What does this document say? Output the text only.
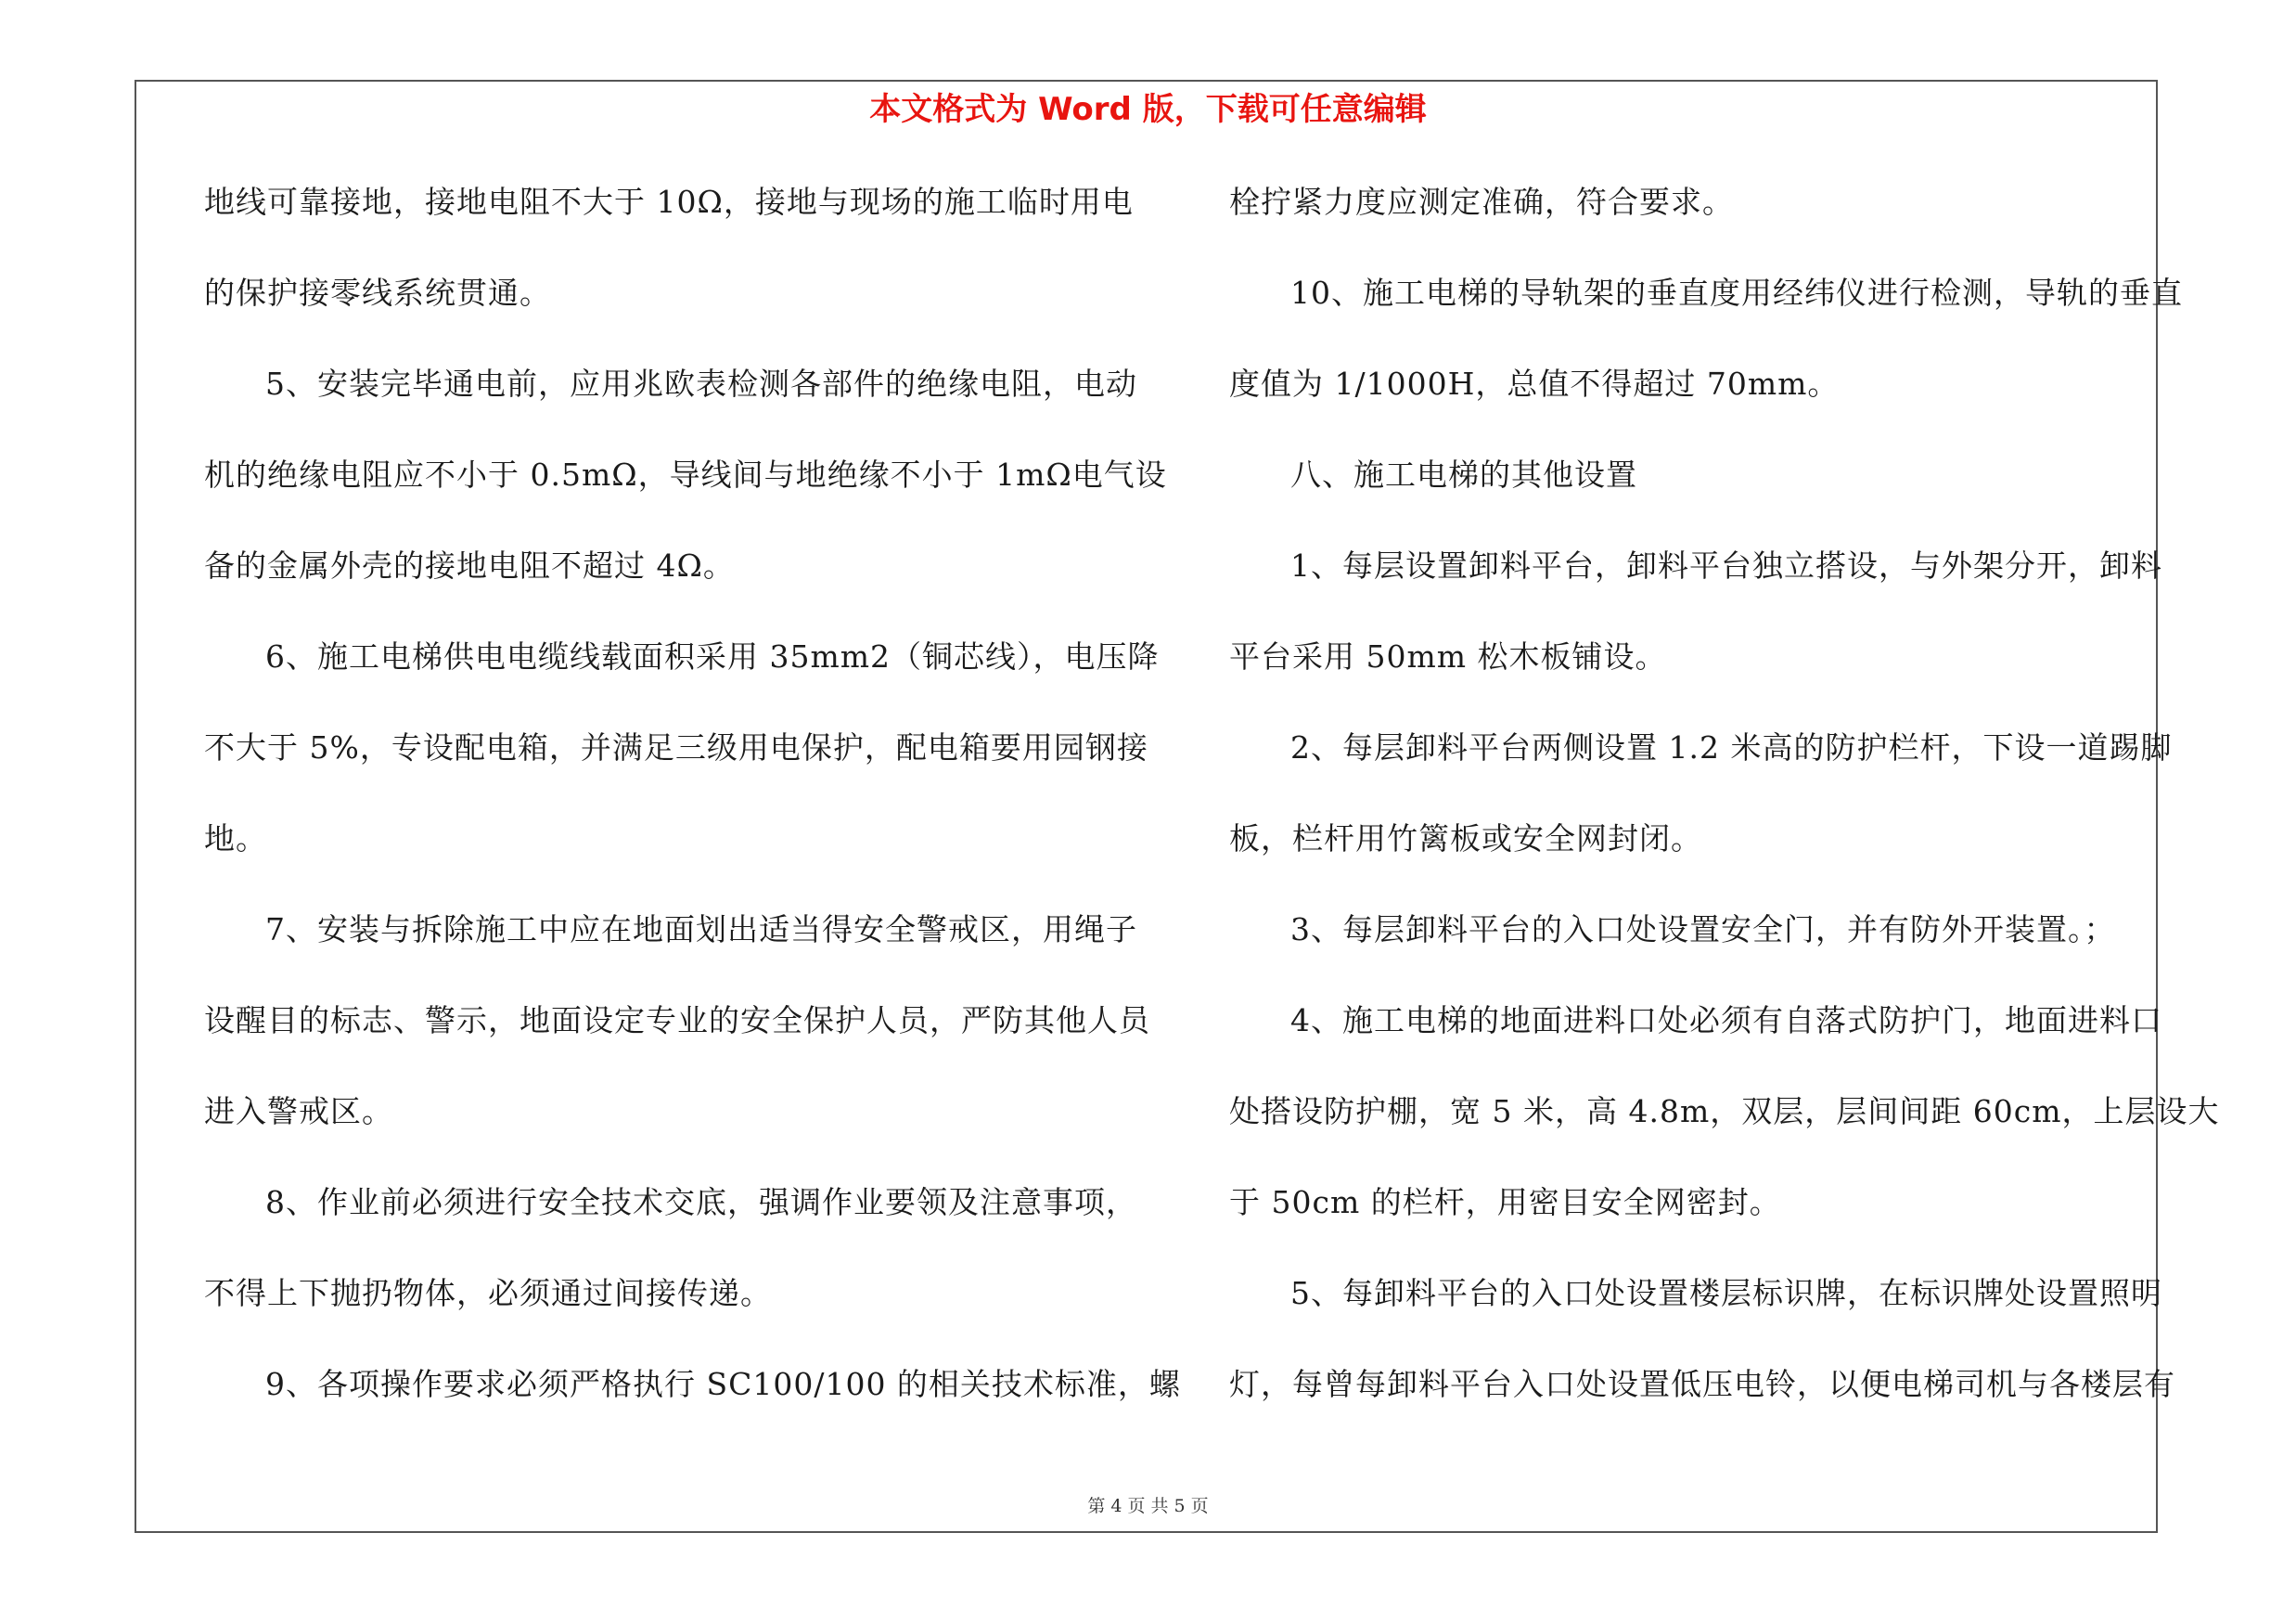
本文格式为 Word 版，下载可任意编辑
地线可靠接地，接地电阻不大于 10Ω，接地与现场的施工临时用电
的保护接零线系统贯通。
5、安装完毕通电前，应用兆欧表检测各部件的绝缘电阻，电动
机的绝缘电阻应不小于 0.5mΩ，导线间与地绝缘不小于 1mΩ电气设
备的金属外壳的接地电阻不超过 4Ω。
6、施工电梯供电电缆线载面积采用 35mm2（铜芯线），电压降
不大于 5%，专设配电箱，并满足三级用电保护，配电箱要用园钢接
地。
7、安装与拆除施工中应在地面划出适当得安全警戒区，用绳子
设醒目的标志、警示，地面设定专业的安全保护人员，严防其他人员
进入警戒区。
8、作业前必须进行安全技术交底，强调作业要领及注意事项，
不得上下抛扔物体，必须通过间接传递。
9、各项操作要求必须严格执行 SC100/100 的相关技术标准，螺
栓拧紧力度应测定准确，符合要求。
10、施工电梯的导轨架的垂直度用经纬仪进行检测，导轨的垂直
度值为 1/1000H，总值不得超过 70mm。
八、施工电梯的其他设置
1、每层设置卸料平台，卸料平台独立搭设，与外架分开，卸料
平台采用 50mm 松木板铺设。
2、每层卸料平台两侧设置 1.2 米高的防护栏杆，下设一道踢脚
板，栏杆用竹篱板或安全网封闭。
3、每层卸料平台的入口处设置安全门，并有防外开装置。；
4、施工电梯的地面进料口处必须有自落式防护门，地面进料口
处搭设防护棚，宽 5 米，高 4.8m，双层，层间间距 60cm，上层设大
于 50cm 的栏杆，用密目安全网密封。
5、每卸料平台的入口处设置楼层标识牌，在标识牌处设置照明
灯，每曾每卸料平台入口处设置低压电铃，以便电梯司机与各楼层有
第 4 页 共 5 页
